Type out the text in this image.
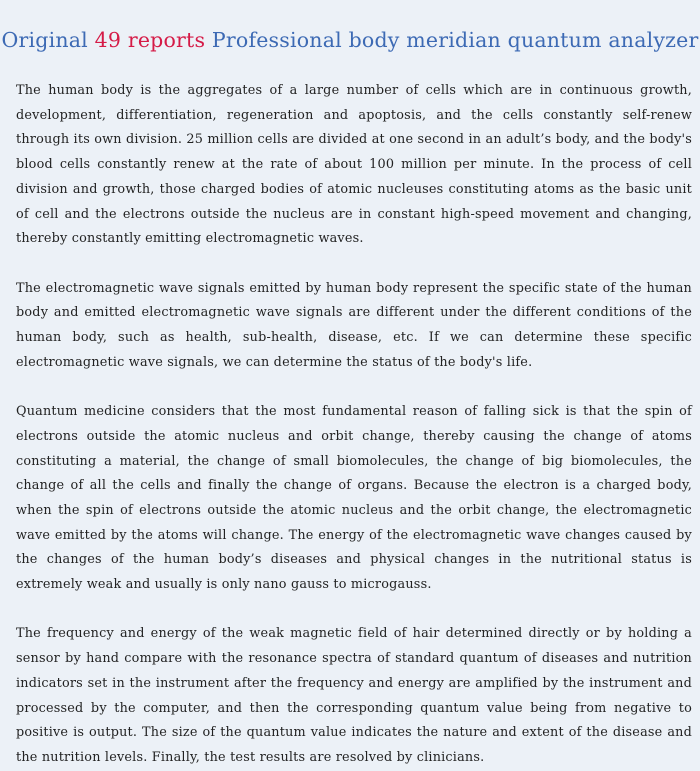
Original 49 reports Professional body meridian quantum analyzer

The human body is the aggregates of a large number of cells which are in continuous growth, development, differentiation, regeneration and apoptosis, and the cells constantly self-renew through its own division. 25 million cells are divided at one second in an adult’s body, and the body's blood cells constantly renew at the rate of about 100 million per minute. In the process of cell division and growth, those charged bodies of atomic nucleuses constituting atoms as the basic unit of cell and the electrons outside the nucleus are in constant high-speed movement and changing, thereby constantly emitting electromagnetic waves.

The electromagnetic wave signals emitted by human body represent the specific state of the human body and emitted electromagnetic wave signals are different under the different conditions of the human body, such as health, sub-health, disease, etc. If we can determine these specific electromagnetic wave signals, we can determine the status of the body's life.

Quantum medicine considers that the most fundamental reason of falling sick is that the spin of electrons outside the atomic nucleus and orbit change, thereby causing the change of atoms constituting a material, the change of small biomolecules, the change of big biomolecules, the change of all the cells and finally the change of organs. Because the electron is a charged body, when the spin of electrons outside the atomic nucleus and the orbit change, the electromagnetic wave emitted by the atoms will change. The energy of the electromagnetic wave changes caused by the changes of the human body’s diseases and physical changes in the nutritional status is extremely weak and usually is only nano gauss to microgauss.

The frequency and energy of the weak magnetic field of hair determined directly or by holding a sensor by hand compare with the resonance spectra of standard quantum of diseases and nutrition indicators set in the instrument after the frequency and energy are amplified by the instrument and processed by the computer, and then the corresponding quantum value being from negative to positive is output. The size of the quantum value indicates the nature and extent of the disease and the nutrition levels. Finally, the test results are resolved by clinicians.
